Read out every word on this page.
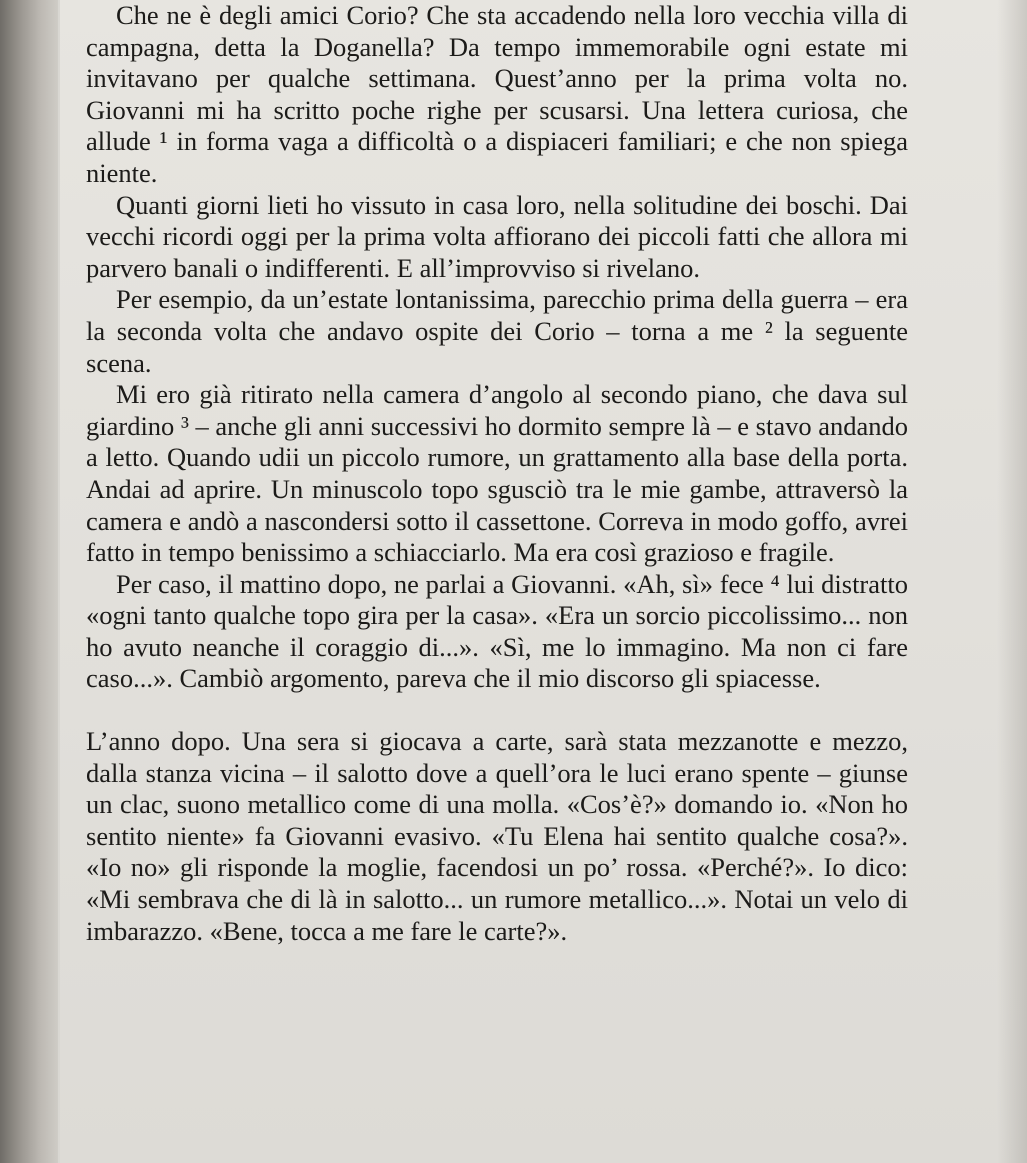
Che ne è degli amici Corio? Che sta accadendo nella loro vecchia villa di campagna, detta la Doganella? Da tempo immemorabile ogni estate mi invitavano per qualche settimana. Quest’anno per la prima volta no. Giovanni mi ha scritto poche righe per scusarsi. Una lettera curiosa, che allude ¹ in forma vaga a difficoltà o a dispiaceri familiari; e che non spiega niente.

Quanti giorni lieti ho vissuto in casa loro, nella solitudine dei boschi. Dai vecchi ricordi oggi per la prima volta affiorano dei piccoli fatti che allora mi parvero banali o indifferenti. E all’improvviso si rivelano.

Per esempio, da un’estate lontanissima, parecchio prima della guerra – era la seconda volta che andavo ospite dei Corio – torna a me ² la seguente scena.

Mi ero già ritirato nella camera d’angolo al secondo piano, che dava sul giardino ³ – anche gli anni successivi ho dormito sempre là – e stavo andando a letto. Quando udii un piccolo rumore, un grattamento alla base della porta. Andai ad aprire. Un minuscolo topo sgusciò tra le mie gambe, attraversò la camera e andò a nascondersi sotto il cassettone. Correva in modo goffo, avrei fatto in tempo benissimo a schiacciarlo. Ma era così grazioso e fragile.

Per caso, il mattino dopo, ne parlai a Giovanni. «Ah, sì» fece ⁴ lui distratto «ogni tanto qualche topo gira per la casa». «Era un sorcio piccolissimo... non ho avuto neanche il coraggio di...». «Sì, me lo immagino. Ma non ci fare caso...». Cambiò argomento, pareva che il mio discorso gli spiacesse.

L’anno dopo. Una sera si giocava a carte, sarà stata mezzanotte e mezzo, dalla stanza vicina – il salotto dove a quell’ora le luci erano spente – giunse un clac, suono metallico come di una molla. «Cos’è?» domando io. «Non ho sentito niente» fa Giovanni evasivo. «Tu Elena hai sentito qualche cosa?». «Io no» gli risponde la moglie, facendosi un po’ rossa. «Perché?». Io dico: «Mi sembrava che di là in salotto... un rumore metallico...». Notai un velo di imbarazzo. «Bene, tocca a me fare le carte?».
